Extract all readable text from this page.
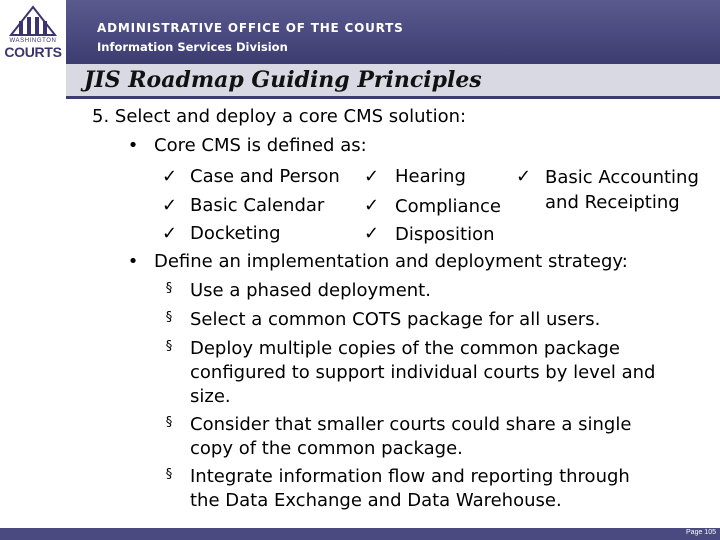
WASHINGTON
COURTS
ADMINISTRATIVE OFFICE OF THE COURTS
Information Services Division
JIS Roadmap Guiding Principles
5. Select and deploy a core CMS solution:
• Core CMS is defined as:
✓ Case and Person ✓ Hearing	✓ Basic Accounting
and Receipting
✓ Basic Calendar ✓ Compliance
✓ Docketing	✓ Disposition
• Define an implementation and deployment strategy:
§ Use a phased deployment.
§ Select a common COTS package for all users.
§ Deploy multiple copies of the common package
configured to support individual courts by level and
size.
§ Consider that smaller courts could share a single
copy of the common package.
§ Integrate information flow and reporting through
the Data Exchange and Data Warehouse.
Page 105
